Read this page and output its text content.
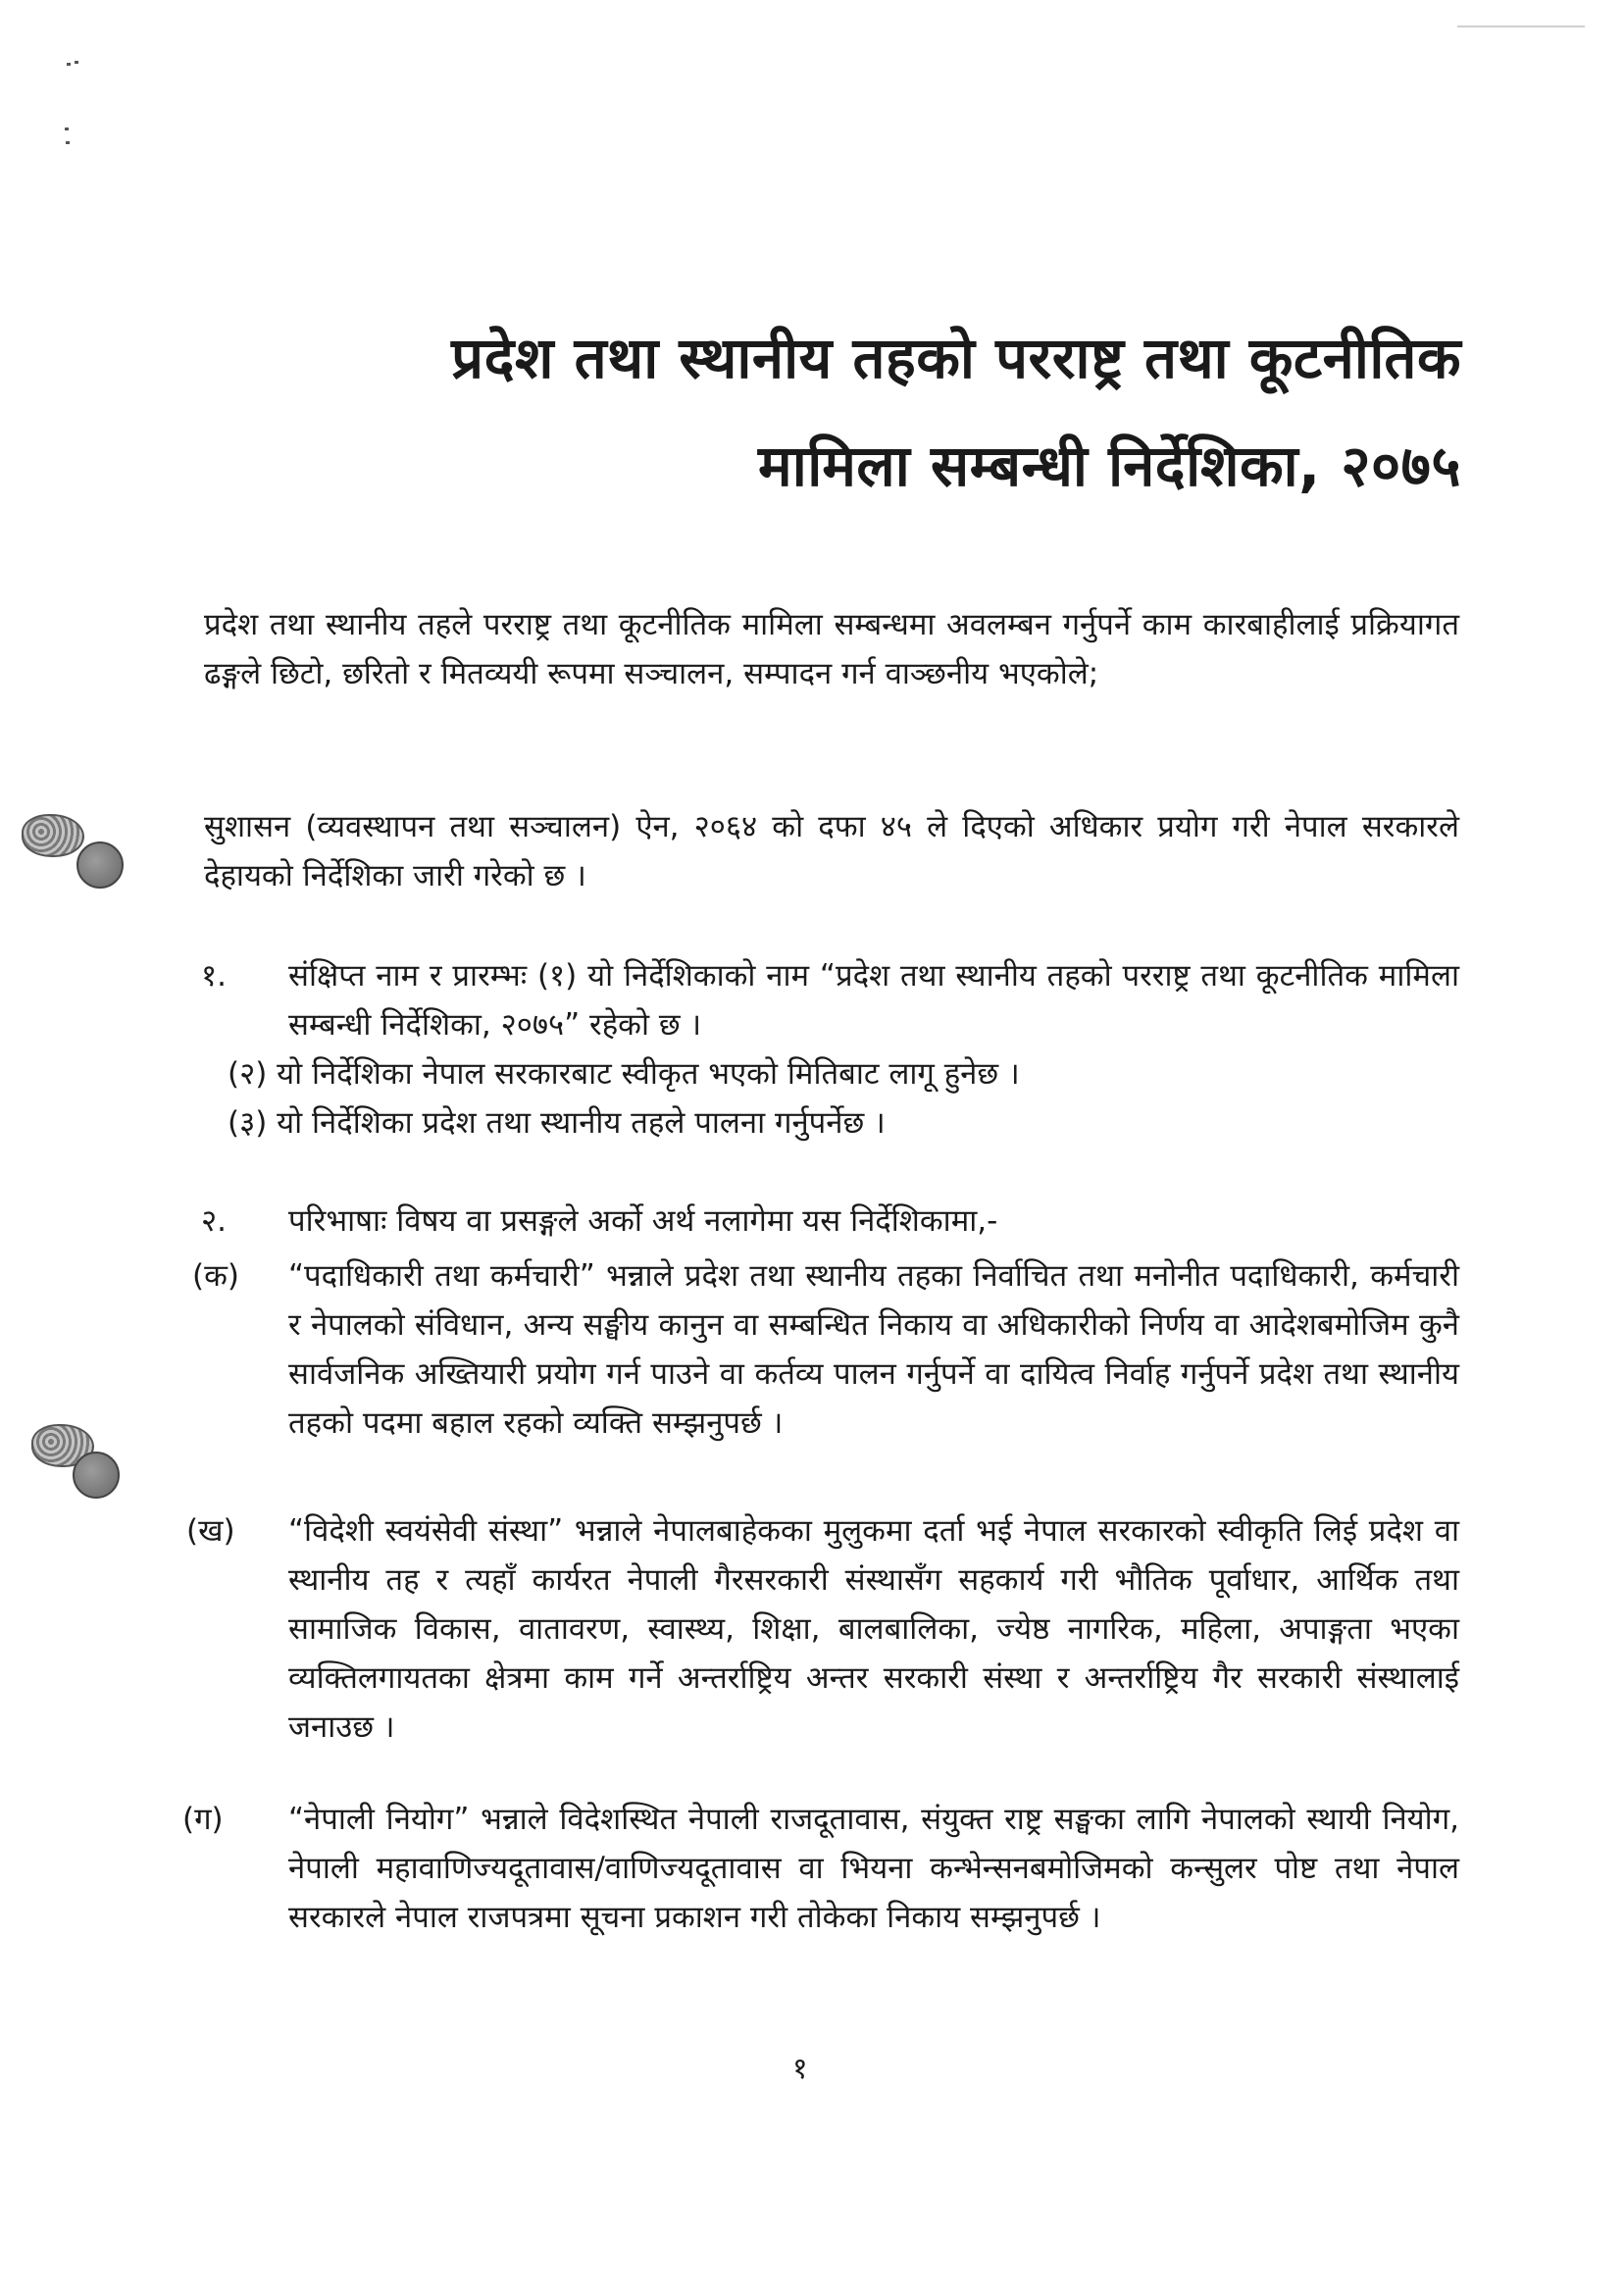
प्रदेश तथा स्थानीय तहको परराष्ट्र तथा कूटनीतिक
मामिला सम्बन्धी निर्देशिका, २०७५
प्रदेश तथा स्थानीय तहले परराष्ट्र तथा कूटनीतिक मामिला सम्बन्धमा अवलम्बन गर्नुपर्ने काम कारबाहीलाई प्रक्रियागत ढङ्गले छिटो, छरितो र मितव्ययी रूपमा सञ्चालन, सम्पादन गर्न वाञ्छनीय भएकोले;
सुशासन (व्यवस्थापन तथा सञ्चालन) ऐन, २०६४ को दफा ४५ ले दिएको अधिकार प्रयोग गरी नेपाल सरकारले देहायको निर्देशिका जारी गरेको छ ।
१. संक्षिप्त नाम र प्रारम्भः (१) यो निर्देशिकाको नाम “प्रदेश तथा स्थानीय तहको परराष्ट्र तथा कूटनीतिक मामिला सम्बन्धी निर्देशिका, २०७५” रहेको छ ।
(२) यो निर्देशिका नेपाल सरकारबाट स्वीकृत भएको मितिबाट लागू हुनेछ ।
(३) यो निर्देशिका प्रदेश तथा स्थानीय तहले पालना गर्नुपर्नेछ ।
२. परिभाषाः विषय वा प्रसङ्गले अर्को अर्थ नलागेमा यस निर्देशिकामा,-
(क) “पदाधिकारी तथा कर्मचारी” भन्नाले प्रदेश तथा स्थानीय तहका निर्वाचित तथा मनोनीत पदाधिकारी, कर्मचारी र नेपालको संविधान, अन्य सङ्घीय कानुन वा सम्बन्धित निकाय वा अधिकारीको निर्णय वा आदेशबमोजिम कुनै सार्वजनिक अख्तियारी प्रयोग गर्न पाउने वा कर्तव्य पालन गर्नुपर्ने वा दायित्व निर्वाह गर्नुपर्ने प्रदेश तथा स्थानीय तहको पदमा बहाल रहको व्यक्ति सम्झनुपर्छ ।
(ख) “विदेशी स्वयंसेवी संस्था” भन्नाले नेपालबाहेकका मुलुकमा दर्ता भई नेपाल सरकारको स्वीकृति लिई प्रदेश वा स्थानीय तह र त्यहाँ कार्यरत नेपाली गैरसरकारी संस्थासँग सहकार्य गरी भौतिक पूर्वाधार, आर्थिक तथा सामाजिक विकास, वातावरण, स्वास्थ्य, शिक्षा, बालबालिका, ज्येष्ठ नागरिक, महिला, अपाङ्गता भएका व्यक्तिलगायतका क्षेत्रमा काम गर्ने अन्तर्राष्ट्रिय अन्तर सरकारी संस्था र अन्तर्राष्ट्रिय गैर सरकारी संस्थालाई जनाउछ ।
(ग) “नेपाली नियोग” भन्नाले विदेशस्थित नेपाली राजदूतावास, संयुक्त राष्ट्र सङ्घका लागि नेपालको स्थायी नियोग, नेपाली महावाणिज्यदूतावास/वाणिज्यदूतावास वा भियना कन्भेन्सनबमोजिमको कन्सुलर पोष्ट तथा नेपाल सरकारले नेपाल राजपत्रमा सूचना प्रकाशन गरी तोकेका निकाय सम्झनुपर्छ ।
१
